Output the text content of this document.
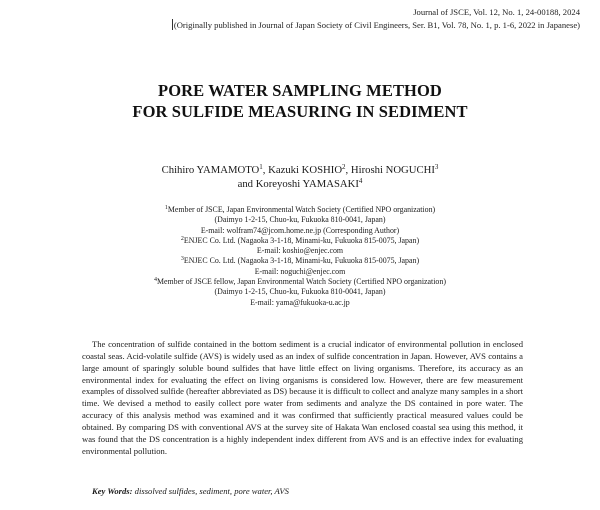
Journal of JSCE, Vol. 12, No. 1, 24-00188, 2024
(Originally published in Journal of Japan Society of Civil Engineers, Ser. B1, Vol. 78, No. 1, p. 1-6, 2022 in Japanese)
PORE WATER SAMPLING METHOD
FOR SULFIDE MEASURING IN SEDIMENT
Chihiro YAMAMOTO$^1$, Kazuki KOSHIO$^2$, Hiroshi NOGUCHI$^3$
and Koreyoshi YAMASAKI$^4$
$^1$Member of JSCE, Japan Environmental Watch Society (Certified NPO organization)
(Daimyo 1-2-15, Chuo-ku, Fukuoka 810-0041, Japan)
E-mail: wolfram74@jcom.home.ne.jp (Corresponding Author)
$^2$ENJEC Co. Ltd. (Nagaoka 3-1-18, Minami-ku, Fukuoka 815-0075, Japan)
E-mail: koshio@enjec.com
$^3$ENJEC Co. Ltd. (Nagaoka 3-1-18, Minami-ku, Fukuoka 815-0075, Japan)
E-mail: noguchi@enjec.com
$^4$Member of JSCE fellow, Japan Environmental Watch Society (Certified NPO organization)
(Daimyo 1-2-15, Chuo-ku, Fukuoka 810-0041, Japan)
E-mail: yama@fukuoka-u.ac.jp

The concentration of sulfide contained in the bottom sediment is a crucial indicator of environmental pollution in enclosed coastal seas. Acid-volatile sulfide (AVS) is widely used as an index of sulfide concentration in Japan. However, AVS contains a large amount of sparingly soluble bound sulfides that have little effect on living organisms. Therefore, its accuracy as an environmental index for evaluating the effect on living organisms is considered low. However, there are few measurement examples of dissolved sulfide (hereafter abbreviated as DS) because it is difficult to collect and analyze many samples in a short time. We devised a method to easily collect pore water from sediments and analyze the DS contained in pore water. The accuracy of this analysis method was examined and it was confirmed that sufficiently practical measured values could be obtained. By comparing DS with conventional AVS at the survey site of Hakata Wan enclosed coastal sea using this method, it was found that the DS concentration is a highly independent index different from AVS and is an effective index for evaluating environmental pollution.

Key Words: dissolved sulfides, sediment, pore water, AVS
